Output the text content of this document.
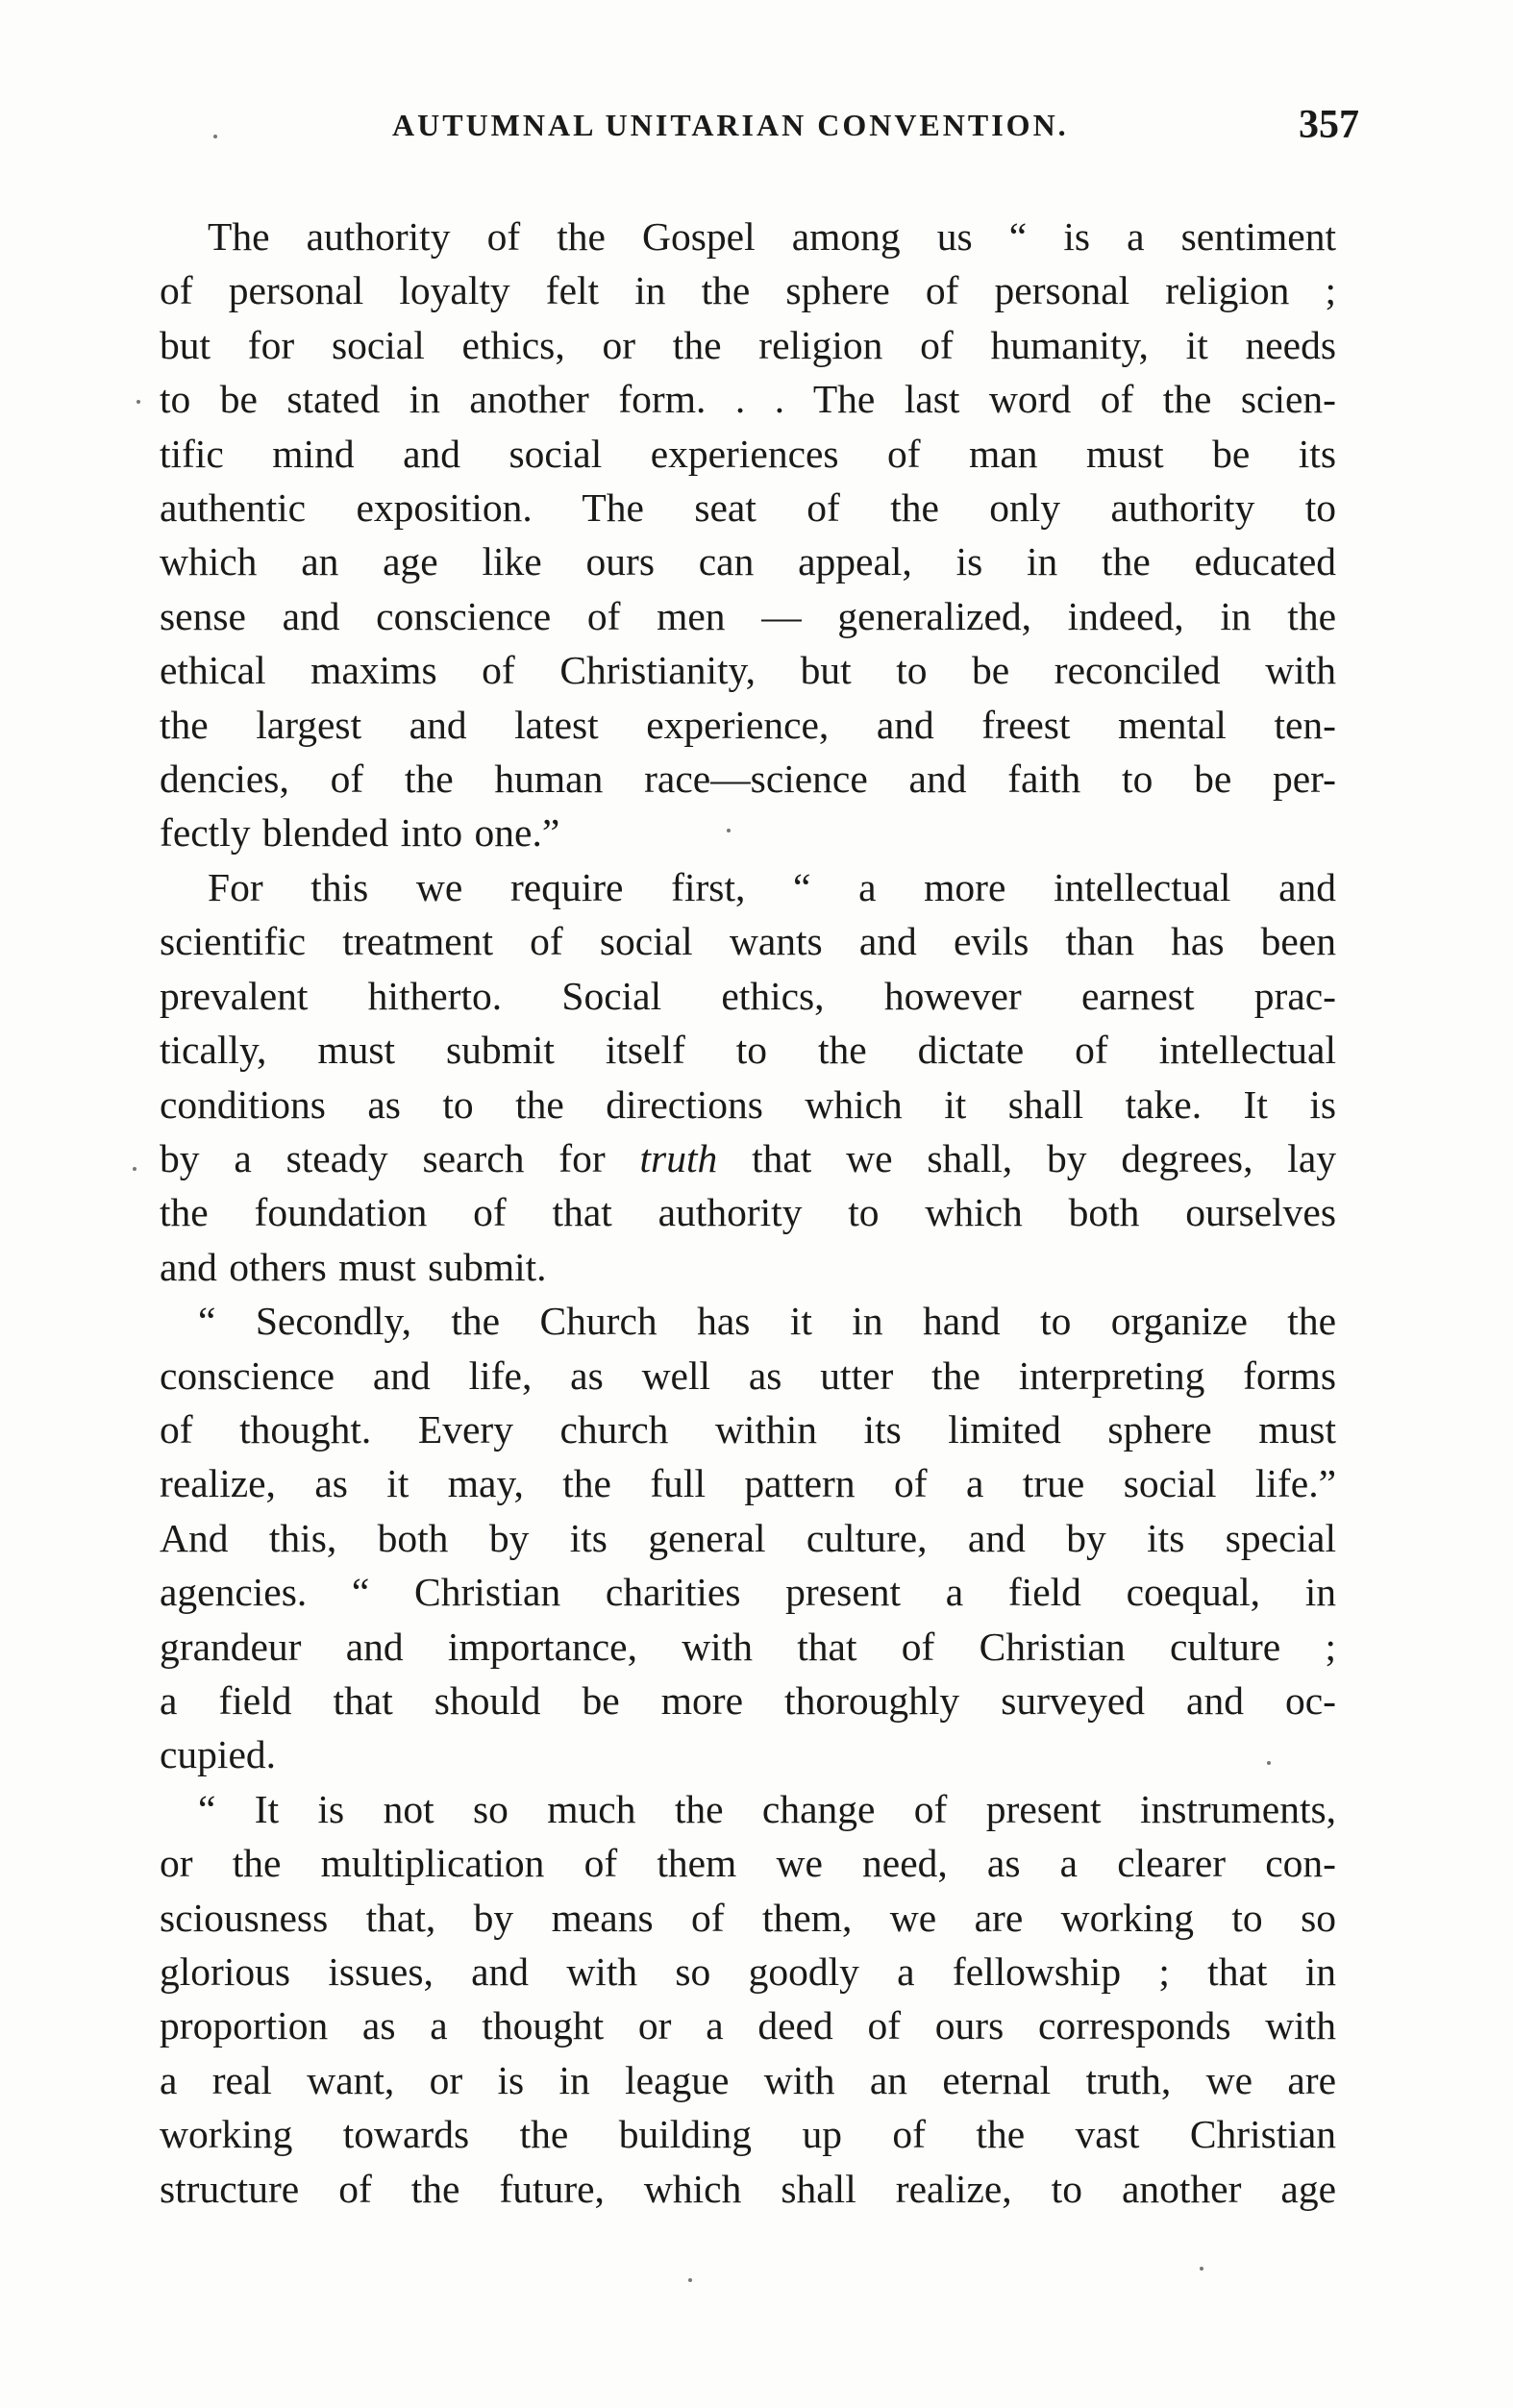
AUTUMNAL UNITARIAN CONVENTION.	357
The authority of the Gospel among us “ is a sentiment
of personal loyalty felt in the sphere of personal religion ;
but for social ethics, or the religion of humanity, it needs
to be stated in another form. . . The last word of the scien-
tific mind and social experiences of man must be its
authentic exposition. The seat of the only authority to
which an age like ours can appeal, is in the educated
sense and conscience of men — generalized, indeed, in the
ethical maxims of Christianity, but to be reconciled with
the largest and latest experience, and freest mental ten-
dencies, of the human race—science and faith to be per-
fectly blended into one.”
For this we require first, “ a more intellectual and
scientific treatment of social wants and evils than has been
prevalent hitherto. Social ethics, however earnest prac-
tically, must submit itself to the dictate of intellectual
conditions as to the directions which it shall take. It is
by a steady search for truth that we shall, by degrees, lay
the foundation of that authority to which both ourselves
and others must submit.
“ Secondly, the Church has it in hand to organize the
conscience and life, as well as utter the interpreting forms
of thought. Every church within its limited sphere must
realize, as it may, the full pattern of a true social life.”
And this, both by its general culture, and by its special
agencies. “ Christian charities present a field coequal, in
grandeur and importance, with that of Christian culture ;
a field that should be more thoroughly surveyed and oc-
cupied.
“ It is not so much the change of present instruments,
or the multiplication of them we need, as a clearer con-
sciousness that, by means of them, we are working to so
glorious issues, and with so goodly a fellowship ; that in
proportion as a thought or a deed of ours corresponds with
a real want, or is in league with an eternal truth, we are
working towards the building up of the vast Christian
structure of the future, which shall realize, to another age
